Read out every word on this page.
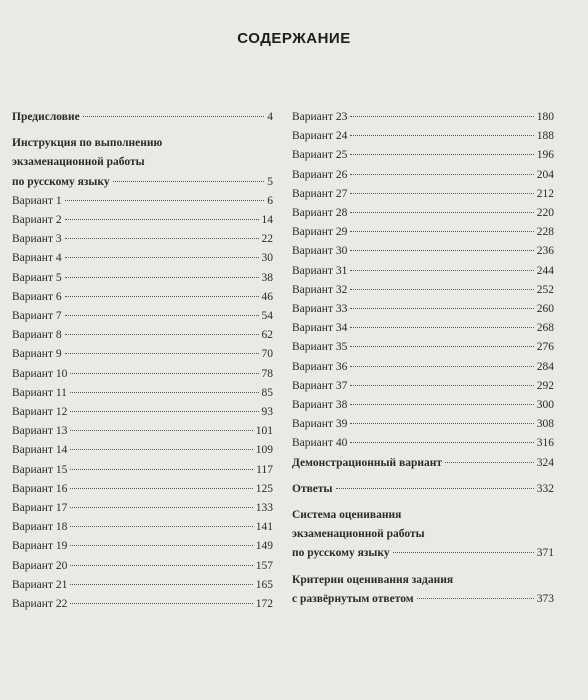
СОДЕРЖАНИЕ
Предисловие	4
Инструкция по выполнению
экзаменационной работы
по русскому языку	5
Вариант 1	6
Вариант 2	14
Вариант 3	22
Вариант 4	30
Вариант 5	38
Вариант 6	46
Вариант 7	54
Вариант 8	62
Вариант 9	70
Вариант 10	78
Вариант 11	85
Вариант 12	93
Вариант 13	101
Вариант 14	109
Вариант 15	117
Вариант 16	125
Вариант 17	133
Вариант 18	141
Вариант 19	149
Вариант 20	157
Вариант 21	165
Вариант 22	172
Вариант 23	180
Вариант 24	188
Вариант 25	196
Вариант 26	204
Вариант 27	212
Вариант 28	220
Вариант 29	228
Вариант 30	236
Вариант 31	244
Вариант 32	252
Вариант 33	260
Вариант 34	268
Вариант 35	276
Вариант 36	284
Вариант 37	292
Вариант 38	300
Вариант 39	308
Вариант 40	316
Демонстрационный вариант	324
Ответы	332
Система оценивания
экзаменационной работы
по русскому языку	371
Критерии оценивания задания
с развёрнутым ответом	373
